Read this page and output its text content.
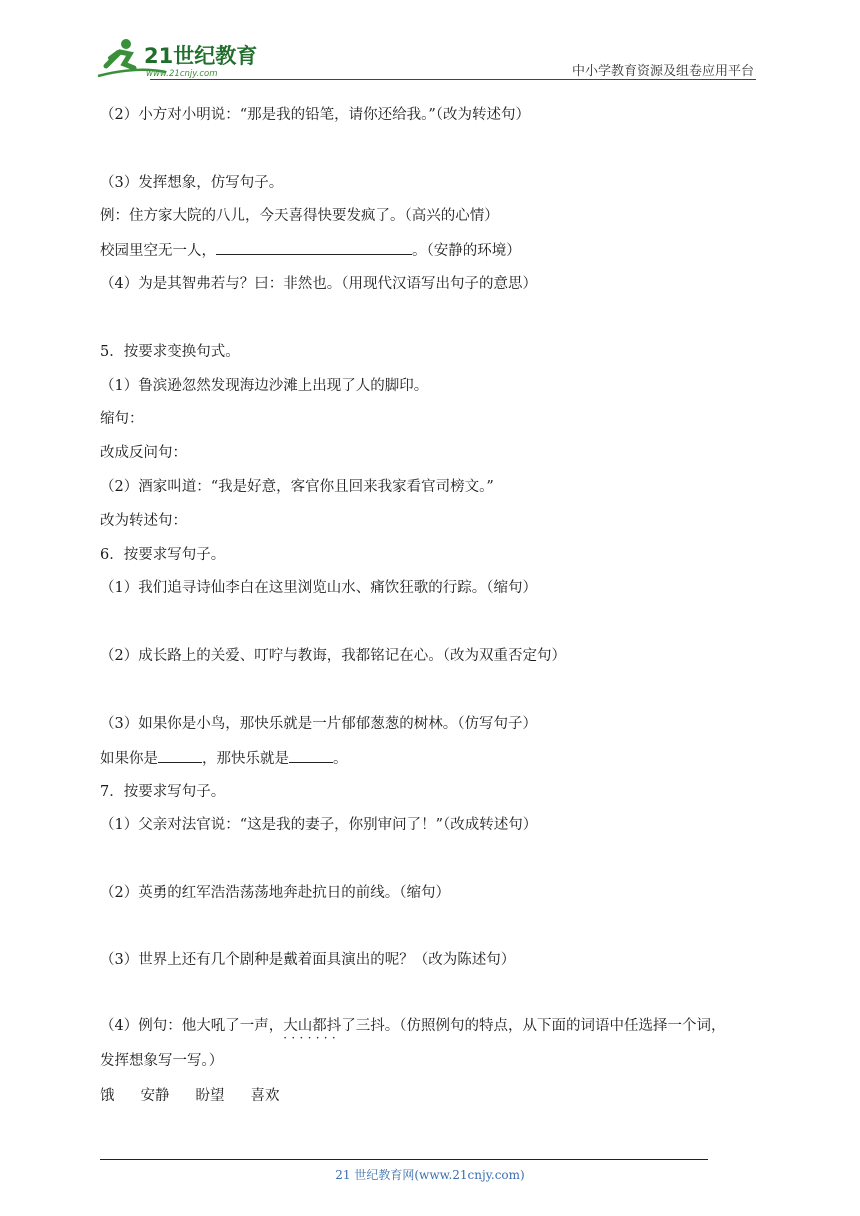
21世纪教育
www.21cnjy.com	中小学教育资源及组卷应用平台
（2）小方对小明说：“那是我的铅笔，请你还给我。”（改为转述句）
（3）发挥想象，仿写句子。
例：住方家大院的八儿，今天喜得快要发疯了。（高兴的心情）
校园里空无一人，	。（安静的环境）
（4）为是其智弗若与？曰：非然也。（用现代汉语写出句子的意思）
5．按要求变换句式。
（1）鲁滨逊忽然发现海边沙滩上出现了人的脚印。
缩句：
改成反问句：
（2）酒家叫道：“我是好意，客官你且回来我家看官司榜文。”
改为转述句：
6．按要求写句子。
（1）我们追寻诗仙李白在这里浏览山水、痛饮狂歌的行踪。（缩句）
（2）成长路上的关爱、叮咛与教诲，我都铭记在心。（改为双重否定句）
（3）如果你是小鸟，那快乐就是一片郁郁葱葱的树林。（仿写句子）
如果你是	，那快乐就是	。
7．按要求写句子。
（1）父亲对法官说：“这是我的妻子，你别审问了！”（改成转述句）
（2）英勇的红军浩浩荡荡地奔赴抗日的前线。（缩句）
（3）世界上还有几个剧种是戴着面具演出的呢？（改为陈述句）
（4）例句：他大吼了一声，大山都抖了三抖
·······
。（仿照例句的特点，从下面的词语中任选择一个词，
发挥想象写一写。）
饿 安静 盼望 喜欢
21 世纪教育网(www.21cnjy.com)
